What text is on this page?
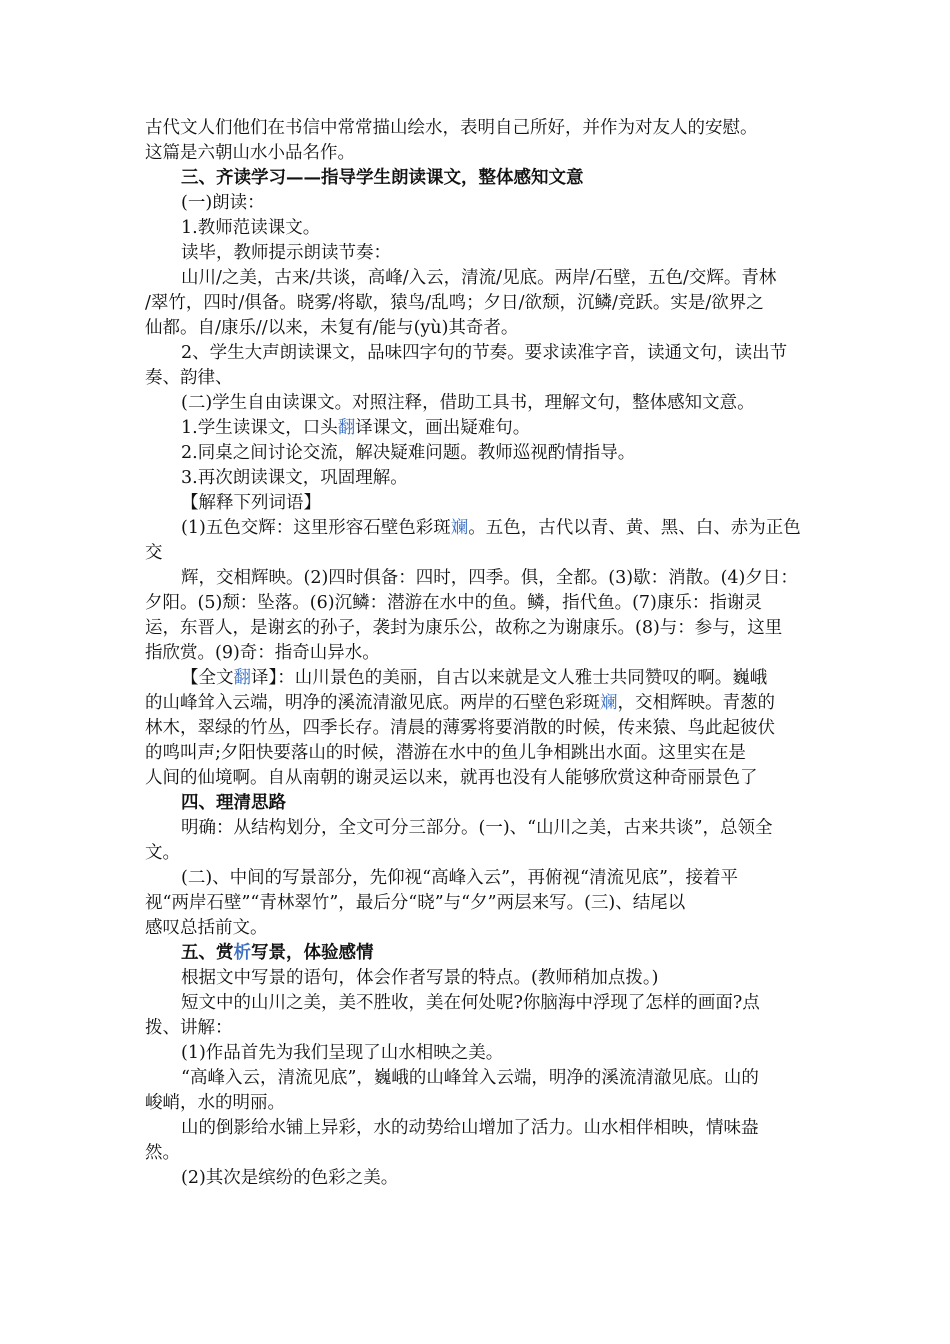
古代文人们他们在书信中常常描山绘水，表明自己所好，并作为对友人的安慰。
这篇是六朝山水小品名作。
三、齐读学习——指导学生朗读课文，整体感知文意
(一)朗读：
1.教师范读课文。
读毕，教师提示朗读节奏：
山川/之美，古来/共谈，高峰/入云，清流/见底。两岸/石壁，五色/交辉。青林
/翠竹，四时/俱备。晓雾/将歇，猿鸟/乱鸣；夕日/欲颓，沉鳞/竞跃。实是/欲界之
仙都。自/康乐//以来，未复有/能与(yù)其奇者。
2、学生大声朗读课文，品味四字句的节奏。要求读准字音，读通文句，读出节
奏、韵律、
(二)学生自由读课文。对照注释，借助工具书，理解文句，整体感知文意。
1.学生读课文，口头翻译课文，画出疑难句。
2.同桌之间讨论交流，解决疑难问题。教师巡视酌情指导。
3.再次朗读课文，巩固理解。
【解释下列词语】
(1)五色交辉：这里形容石壁色彩斑斓。五色，古代以青、黄、黑、白、赤为正色
交
辉，交相辉映。(2)四时俱备：四时，四季。俱，全都。(3)歇：消散。(4)夕日：
夕阳。(5)颓：坠落。(6)沉鳞：潜游在水中的鱼。鳞，指代鱼。(7)康乐：指谢灵
运，东晋人，是谢玄的孙子，袭封为康乐公，故称之为谢康乐。(8)与：参与，这里
指欣赏。(9)奇：指奇山异水。
【全文翻译】：山川景色的美丽，自古以来就是文人雅士共同赞叹的啊。巍峨
的山峰耸入云端，明净的溪流清澈见底。两岸的石壁色彩斑斓，交相辉映。青葱的
林木，翠绿的竹丛，四季长存。清晨的薄雾将要消散的时候，传来猿、鸟此起彼伏
的鸣叫声;夕阳快要落山的时候，潜游在水中的鱼儿争相跳出水面。这里实在是
人间的仙境啊。自从南朝的谢灵运以来，就再也没有人能够欣赏这种奇丽景色了
四、理清思路
明确：从结构划分，全文可分三部分。(一)、“山川之美，古来共谈”，总领全
文。
(二)、中间的写景部分，先仰视“高峰入云”，再俯视“清流见底”，接着平
视“两岸石壁”“青林翠竹”，最后分“晓”与“夕”两层来写。(三)、结尾以
感叹总括前文。
五、赏析写景，体验感情
根据文中写景的语句，体会作者写景的特点。(教师稍加点拨。)
短文中的山川之美，美不胜收，美在何处呢?你脑海中浮现了怎样的画面?点
拨、讲解：
(1)作品首先为我们呈现了山水相映之美。
“高峰入云，清流见底”，巍峨的山峰耸入云端，明净的溪流清澈见底。山的
峻峭，水的明丽。
山的倒影给水铺上异彩，水的动势给山增加了活力。山水相伴相映，情味盎
然。
(2)其次是缤纷的色彩之美。
